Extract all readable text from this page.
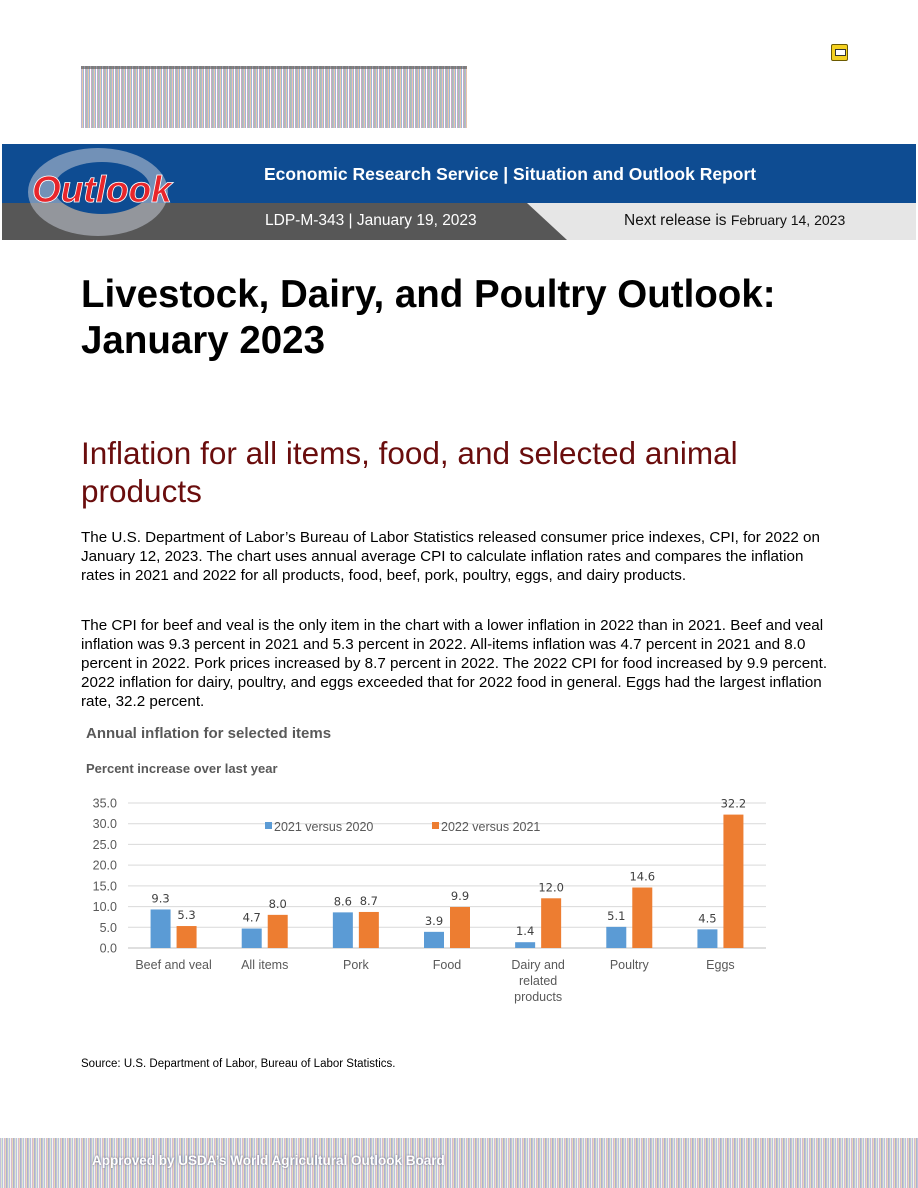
Outlook	Economic Research Service | Situation and Outlook Report
LDP-M-343 | January 19, 2023	Next release is February 14, 2023
Livestock, Dairy, and Poultry Outlook: January 2023
Inflation for all items, food, and selected animal products

The U.S. Department of Labor’s Bureau of Labor Statistics released consumer price indexes, CPI, for 2022 on January 12, 2023. The chart uses annual average CPI to calculate inflation rates and compares the inflation rates in 2021 and 2022 for all products, food, beef, pork, poultry, eggs, and dairy products.

The CPI for beef and veal is the only item in the chart with a lower inflation in 2022 than in 2021. Beef and veal inflation was 9.3 percent in 2021 and 5.3 percent in 2022. All-items inflation was 4.7 percent in 2021 and 8.0 percent in 2022. Pork prices increased by 8.7 percent in 2022. The 2022 CPI for food increased by 9.9 percent. 2022 inflation for dairy, poultry, and eggs exceeded that for 2022 food in general. Eggs had the largest inflation rate, 32.2 percent.

Annual inflation for selected items
Percent increase over last year
0.0
5.0
10.0
15.0
20.0
25.0
30.0
35.0
9.3
5.3
Beef and veal
4.7
8.0
All items
8.6 8.7
Pork
3.9
9.9
Food
1.4
12.0
Dairy and
related
products
5.1
14.6
Poultry
4.5
32.2
Eggs
2021 versus 2020	2022 versus 2021
Source: U.S. Department of Labor, Bureau of Labor Statistics.
Approved by USDA’s World Agricultural Outlook Board
